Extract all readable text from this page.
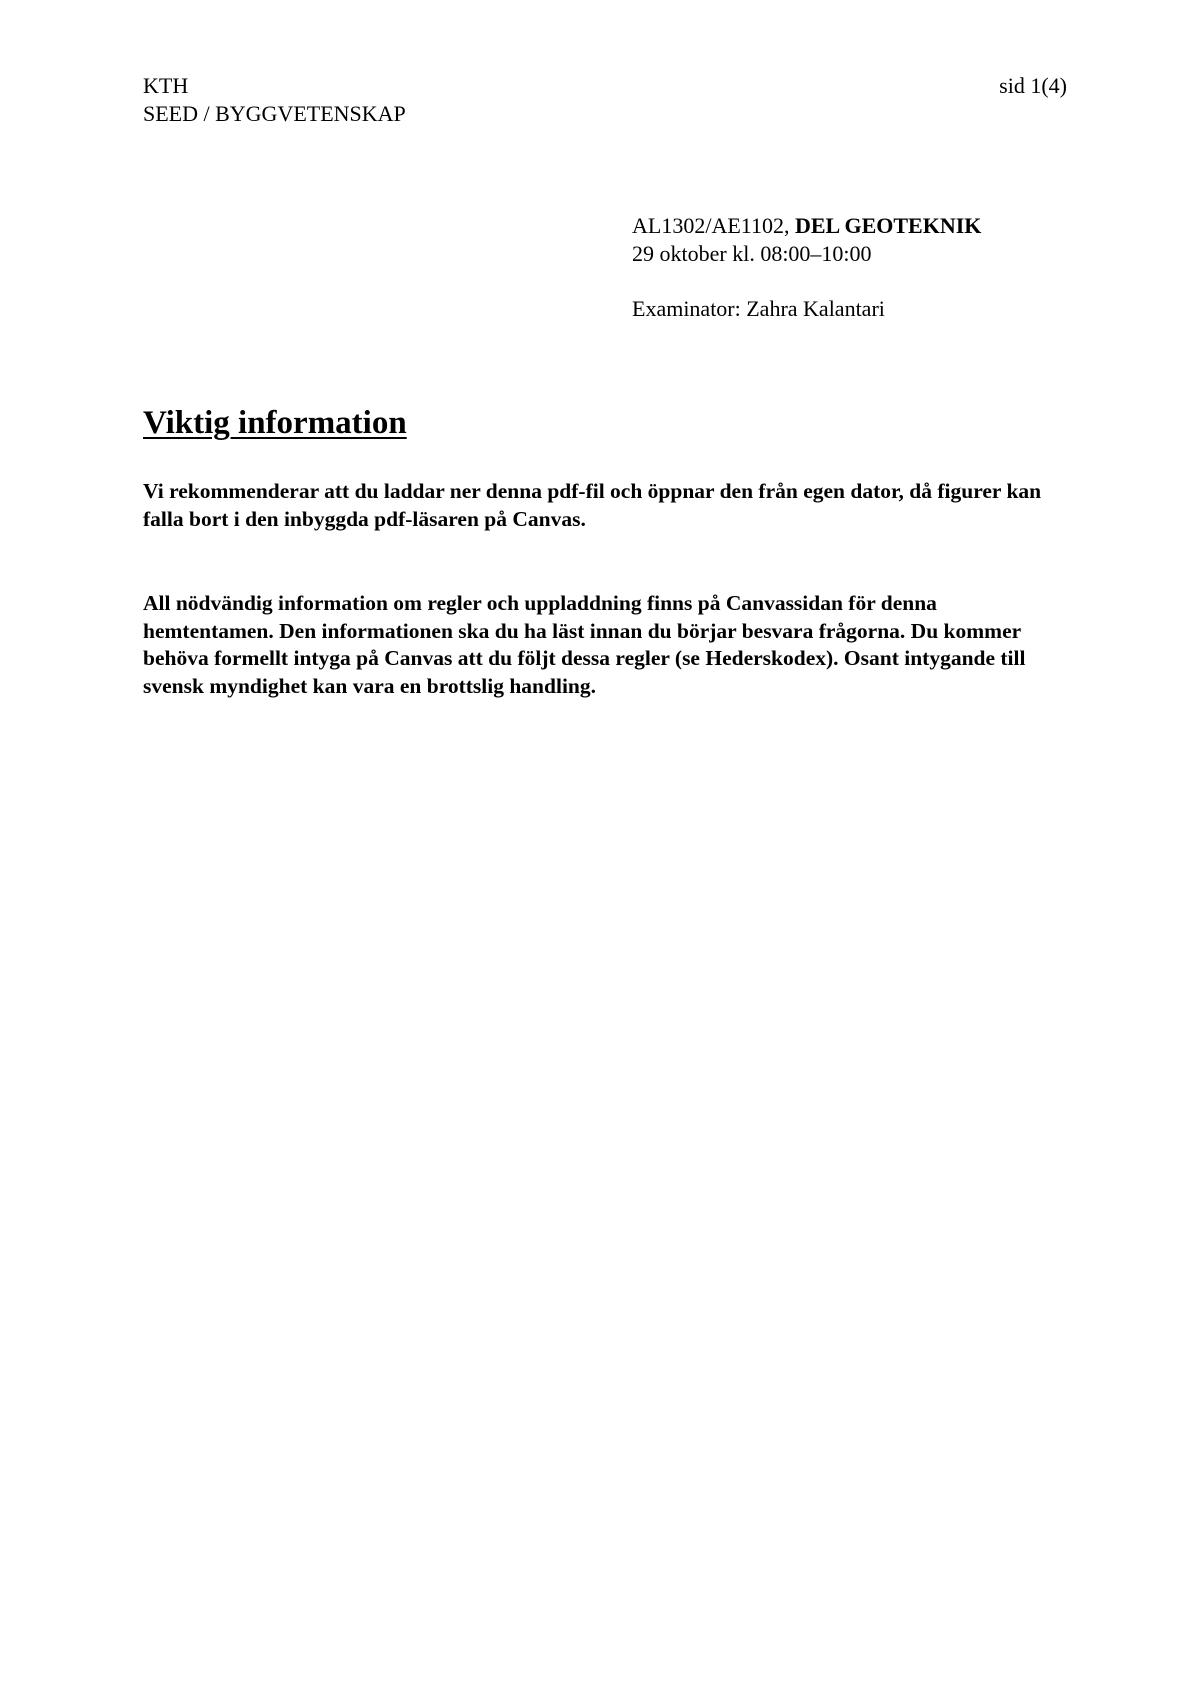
KTH
SEED / BYGGVETENSKAP
sid 1(4)
AL1302/AE1102, DEL GEOTEKNIK
29 oktober kl. 08:00–10:00
Examinator: Zahra Kalantari
Viktig information

Vi rekommenderar att du laddar ner denna pdf-fil och öppnar den från egen dator, då figurer kan falla bort i den inbyggda pdf-läsaren på Canvas.

All nödvändig information om regler och uppladdning finns på Canvassidan för denna hemtentamen. Den informationen ska du ha läst innan du börjar besvara frågorna. Du kommer behöva formellt intyga på Canvas att du följt dessa regler (se Hederskodex). Osant intygande till svensk myndighet kan vara en brottslig handling.
